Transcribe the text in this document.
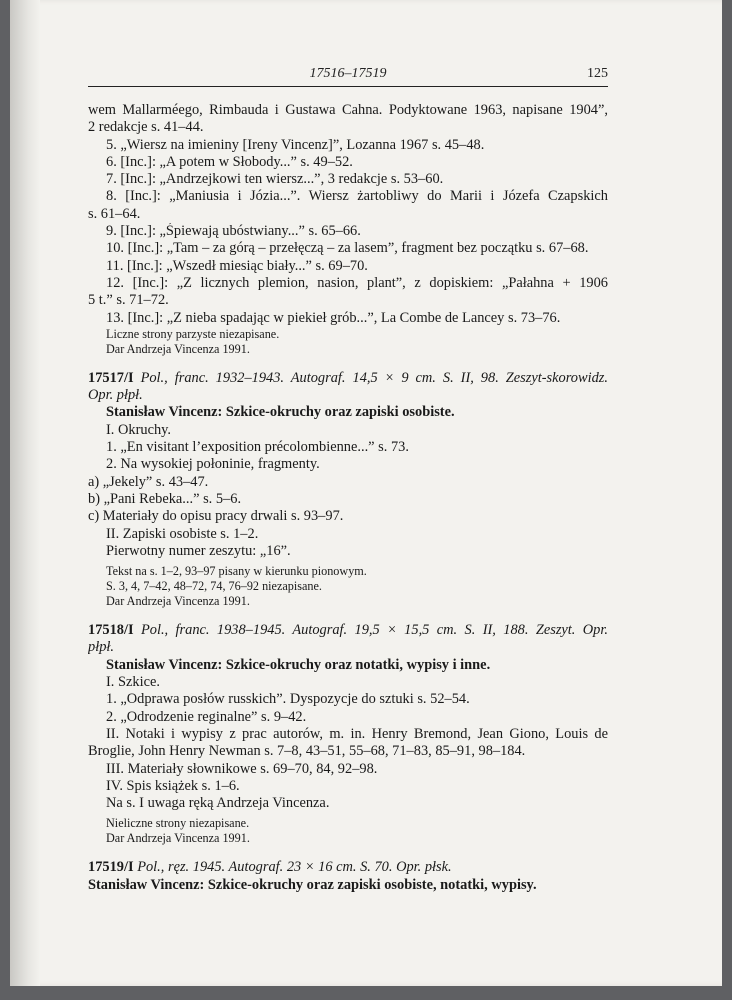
17516–17519	125
wem Mallarméego, Rimbauda i Gustawa Cahna. Podyktowane 1963, napisane 1904”,
2 redakcje s. 41–44.
5. „Wiersz na imieniny [Ireny Vincenz]”, Lozanna 1967 s. 45–48.
6. [Inc.]: „A potem w Słobody...” s. 49–52.
7. [Inc.]: „Andrzejkowi ten wiersz...”, 3 redakcje s. 53–60.
8. [Inc.]: „Maniusia i Józia...”. Wiersz żartobliwy do Marii i Józefa Czapskich
s. 61–64.
9. [Inc.]: „Śpiewają ubóstwiany...” s. 65–66.
10. [Inc.]: „Tam – za górą – przełęczą – za lasem”, fragment bez początku s. 67–68.
11. [Inc.]: „Wszedł miesiąc biały...” s. 69–70.
12. [Inc.]: „Z licznych plemion, nasion, plant”, z dopiskiem: „Pałahna + 1906
5 t.” s. 71–72.
13. [Inc.]: „Z nieba spadając w piekieł grób...”, La Combe de Lancey s. 73–76.
Liczne strony parzyste niezapisane.
Dar Andrzeja Vincenza 1991.
17517/I Pol., franc. 1932–1943. Autograf. 14,5 × 9 cm. S. II, 98. Zeszyt-skorowidz.
Opr. płpł.
Stanisław Vincenz: Szkice-okruchy oraz zapiski osobiste.
I. Okruchy.
1. „En visitant l’exposition précolombienne...” s. 73.
2. Na wysokiej połoninie, fragmenty.
a) „Jekely” s. 43–47.
b) „Pani Rebeka...” s. 5–6.
c) Materiały do opisu pracy drwali s. 93–97.
II. Zapiski osobiste s. 1–2.
Pierwotny numer zeszytu: „16”.
Tekst na s. 1–2, 93–97 pisany w kierunku pionowym.
S. 3, 4, 7–42, 48–72, 74, 76–92 niezapisane.
Dar Andrzeja Vincenza 1991.
17518/I Pol., franc. 1938–1945. Autograf. 19,5 × 15,5 cm. S. II, 188. Zeszyt. Opr.
płpł.
Stanisław Vincenz: Szkice-okruchy oraz notatki, wypisy i inne.
I. Szkice.
1. „Odprawa posłów russkich”. Dyspozycje do sztuki s. 52–54.
2. „Odrodzenie reginalne” s. 9–42.
II. Notaki i wypisy z prac autorów, m. in. Henry Bremond, Jean Giono, Louis de
Broglie, John Henry Newman s. 7–8, 43–51, 55–68, 71–83, 85–91, 98–184.
III. Materiały słownikowe s. 69–70, 84, 92–98.
IV. Spis książek s. 1–6.
Na s. I uwaga ręką Andrzeja Vincenza.
Nieliczne strony niezapisane.
Dar Andrzeja Vincenza 1991.
17519/I Pol., ręz. 1945. Autograf. 23 × 16 cm. S. 70. Opr. płsk.
Stanisław Vincenz: Szkice-okruchy oraz zapiski osobiste, notatki, wypisy.
